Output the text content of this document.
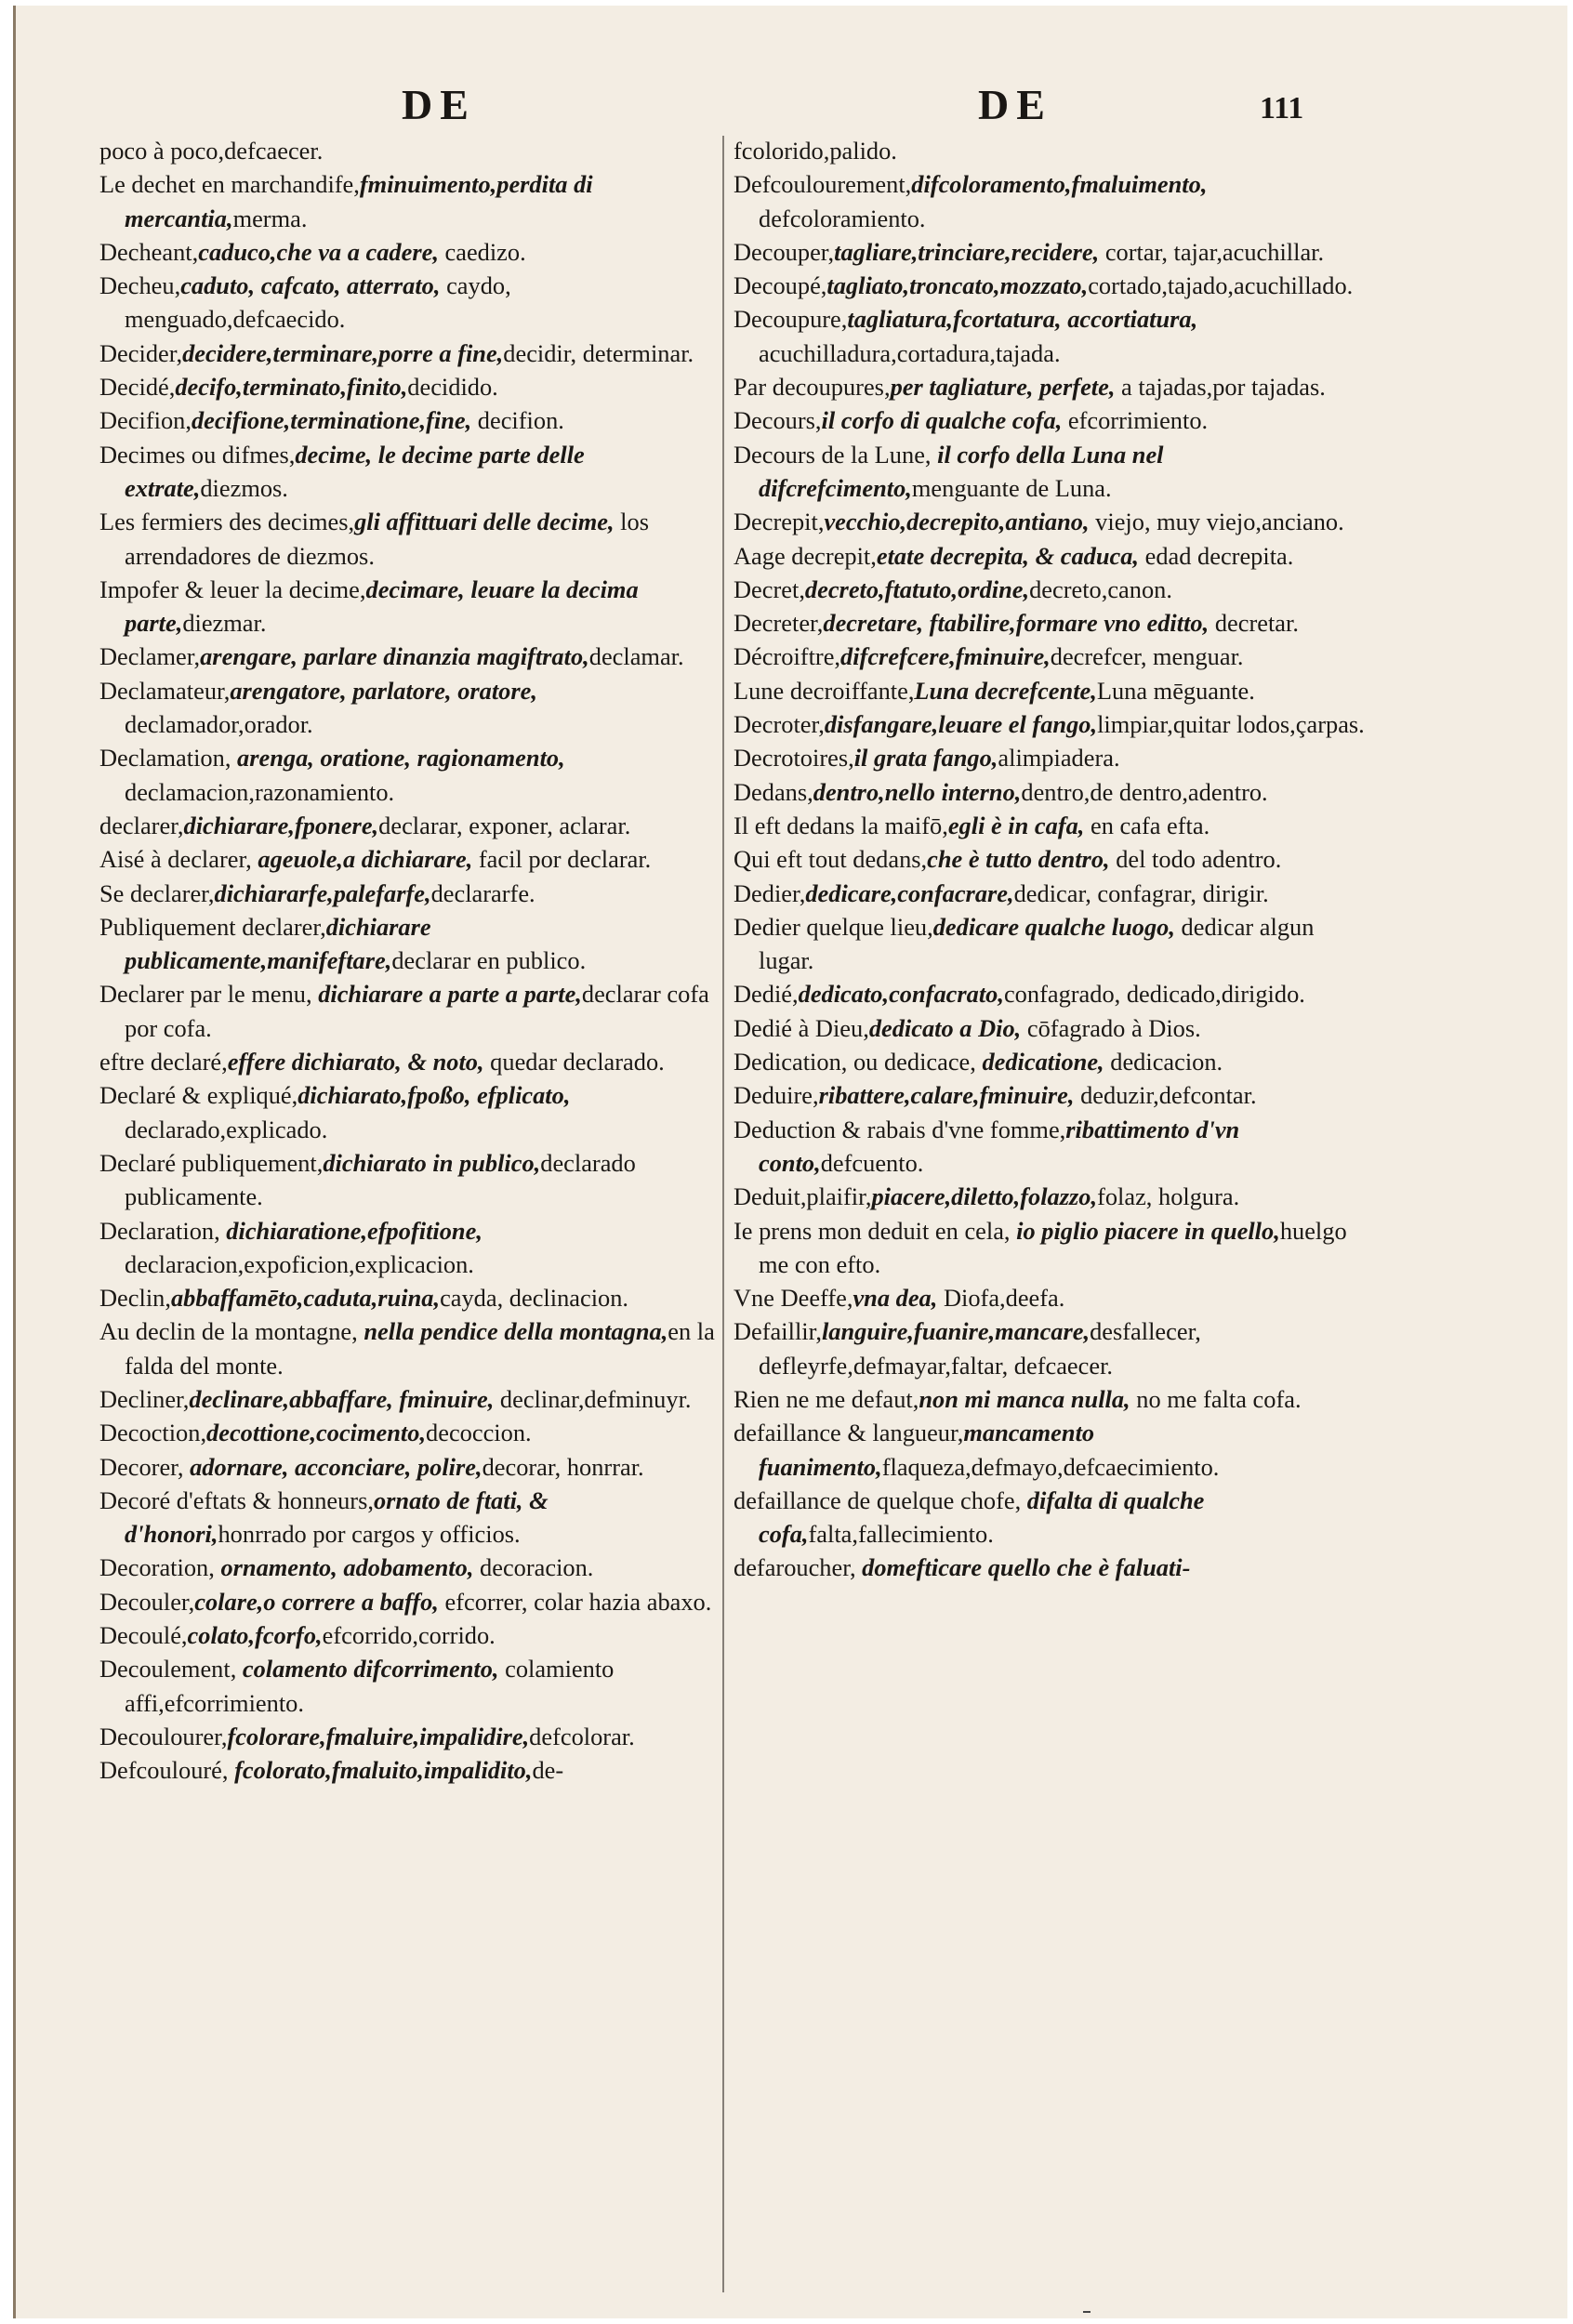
DE	DE	111

poco à poco,defcaecer.

Le dechet en marchandife,fminuimento,perdita di mercantia,merma.

Decheant,caduco,che va a cadere, caedizo.

Decheu,caduto, cafcato, atterrato, caydo, menguado,defcaecido.

Decider,decidere,terminare,porre a fine,decidir, determinar.

Decidé,decifo,terminato,finito,decidido.

Decifion,decifione,terminatione,fine, decifion.

Decimes ou difmes,decime, le decime parte delle extrate,diezmos.

Les fermiers des decimes,gli affittuari delle decime, los arrendadores de diezmos.

Impofer & leuer la decime,decimare, leuare la decima parte,diezmar.

Declamer,arengare, parlare dinanzia magiftrato,declamar.

Declamateur,arengatore, parlatore, oratore, declamador,orador.

Declamation, arenga, oratione, ragionamento, declamacion,razonamiento.

declarer,dichiarare,fponere,declarar, exponer, aclarar.

Aisé à declarer, ageuole,a dichiarare, facil por declarar.

Se declarer,dichiararfe,palefarfe,declararfe.

Publiquement declarer,dichiarare publicamente,manifeftare,declarar en publico.

Declarer par le menu, dichiarare a parte a parte,declarar cofa por cofa.

eftre declaré,effere dichiarato, & noto, quedar declarado.

Declaré & expliqué,dichiarato,fpoßo, efplicato, declarado,explicado.

Declaré publiquement,dichiarato in publico,declarado publicamente.

Declaration, dichiaratione,efpofitione, declaracion,expoficion,explicacion.

Declin,abbaffamēto,caduta,ruina,cayda, declinacion.

Au declin de la montagne, nella pendice della montagna,en la falda del monte.

Decliner,declinare,abbaffare, fminuire, declinar,defminuyr.

Decoction,decottione,cocimento,decoccion.

Decorer, adornare, acconciare, polire,decorar, honrrar.

Decoré d'eftats & honneurs,ornato de ftati, & d'honori,honrrado por cargos y officios.

Decoration, ornamento, adobamento, decoracion.

Decouler,colare,o correre a baffo, efcorrer, colar hazia abaxo.

Decoulé,colato,fcorfo,efcorrido,corrido.

Decoulement, colamento difcorrimento, colamiento affi,efcorrimiento.

Decoulourer,fcolorare,fmaluire,impalidire,defcolorar.

Defcoulouré, fcolorato,fmaluito,impalidito,de-

fcolorido,palido.

Defcoulourement,difcoloramento,fmaluimento, defcoloramiento.

Decouper,tagliare,trinciare,recidere, cortar, tajar,acuchillar.

Decoupé,tagliato,troncato,mozzato,cortado,tajado,acuchillado.

Decoupure,tagliatura,fcortatura, accortiatura, acuchilladura,cortadura,tajada.

Par decoupures,per tagliature, perfete, a tajadas,por tajadas.

Decours,il corfo di qualche cofa, efcorrimiento.

Decours de la Lune, il corfo della Luna nel difcrefcimento,menguante de Luna.

Decrepit,vecchio,decrepito,antiano, viejo, muy viejo,anciano.

Aage decrepit,etate decrepita, & caduca, edad decrepita.

Decret,decreto,ftatuto,ordine,decreto,canon.

Decreter,decretare, ftabilire,formare vno editto, decretar.

Décroiftre,difcrefcere,fminuire,decrefcer, menguar.

Lune decroiffante,Luna decrefcente,Luna mēguante.

Decroter,disfangare,leuare el fango,limpiar,quitar lodos,çarpas.

Decrotoires,il grata fango,alimpiadera.

Dedans,dentro,nello interno,dentro,de dentro,adentro.

Il eft dedans la maifō,egli è in cafa, en cafa efta.

Qui eft tout dedans,che è tutto dentro, del todo adentro.

Dedier,dedicare,confacrare,dedicar, confagrar, dirigir.

Dedier quelque lieu,dedicare qualche luogo, dedicar algun lugar.

Dedié,dedicato,confacrato,confagrado, dedicado,dirigido.

Dedié à Dieu,dedicato a Dio, cōfagrado à Dios.

Dedication, ou dedicace, dedicatione, dedicacion.

Deduire,ribattere,calare,fminuire, deduzir,defcontar.

Deduction & rabais d'vne fomme,ribattimento d'vn conto,defcuento.

Deduit,plaifir,piacere,diletto,folazzo,folaz, holgura.

Ie prens mon deduit en cela, io piglio piacere in quello,huelgo me con efto.

Vne Deeffe,vna dea, Diofa,deefa.

Defaillir,languire,fuanire,mancare,desfallecer, defleyrfe,defmayar,faltar, defcaecer.

Rien ne me defaut,non mi manca nulla, no me falta cofa.

defaillance & langueur,mancamento fuanimento,flaqueza,defmayo,defcaecimiento.

defaillance de quelque chofe, difalta di qualche cofa,falta,fallecimiento.

defaroucher, domefticare quello che è faluati-
